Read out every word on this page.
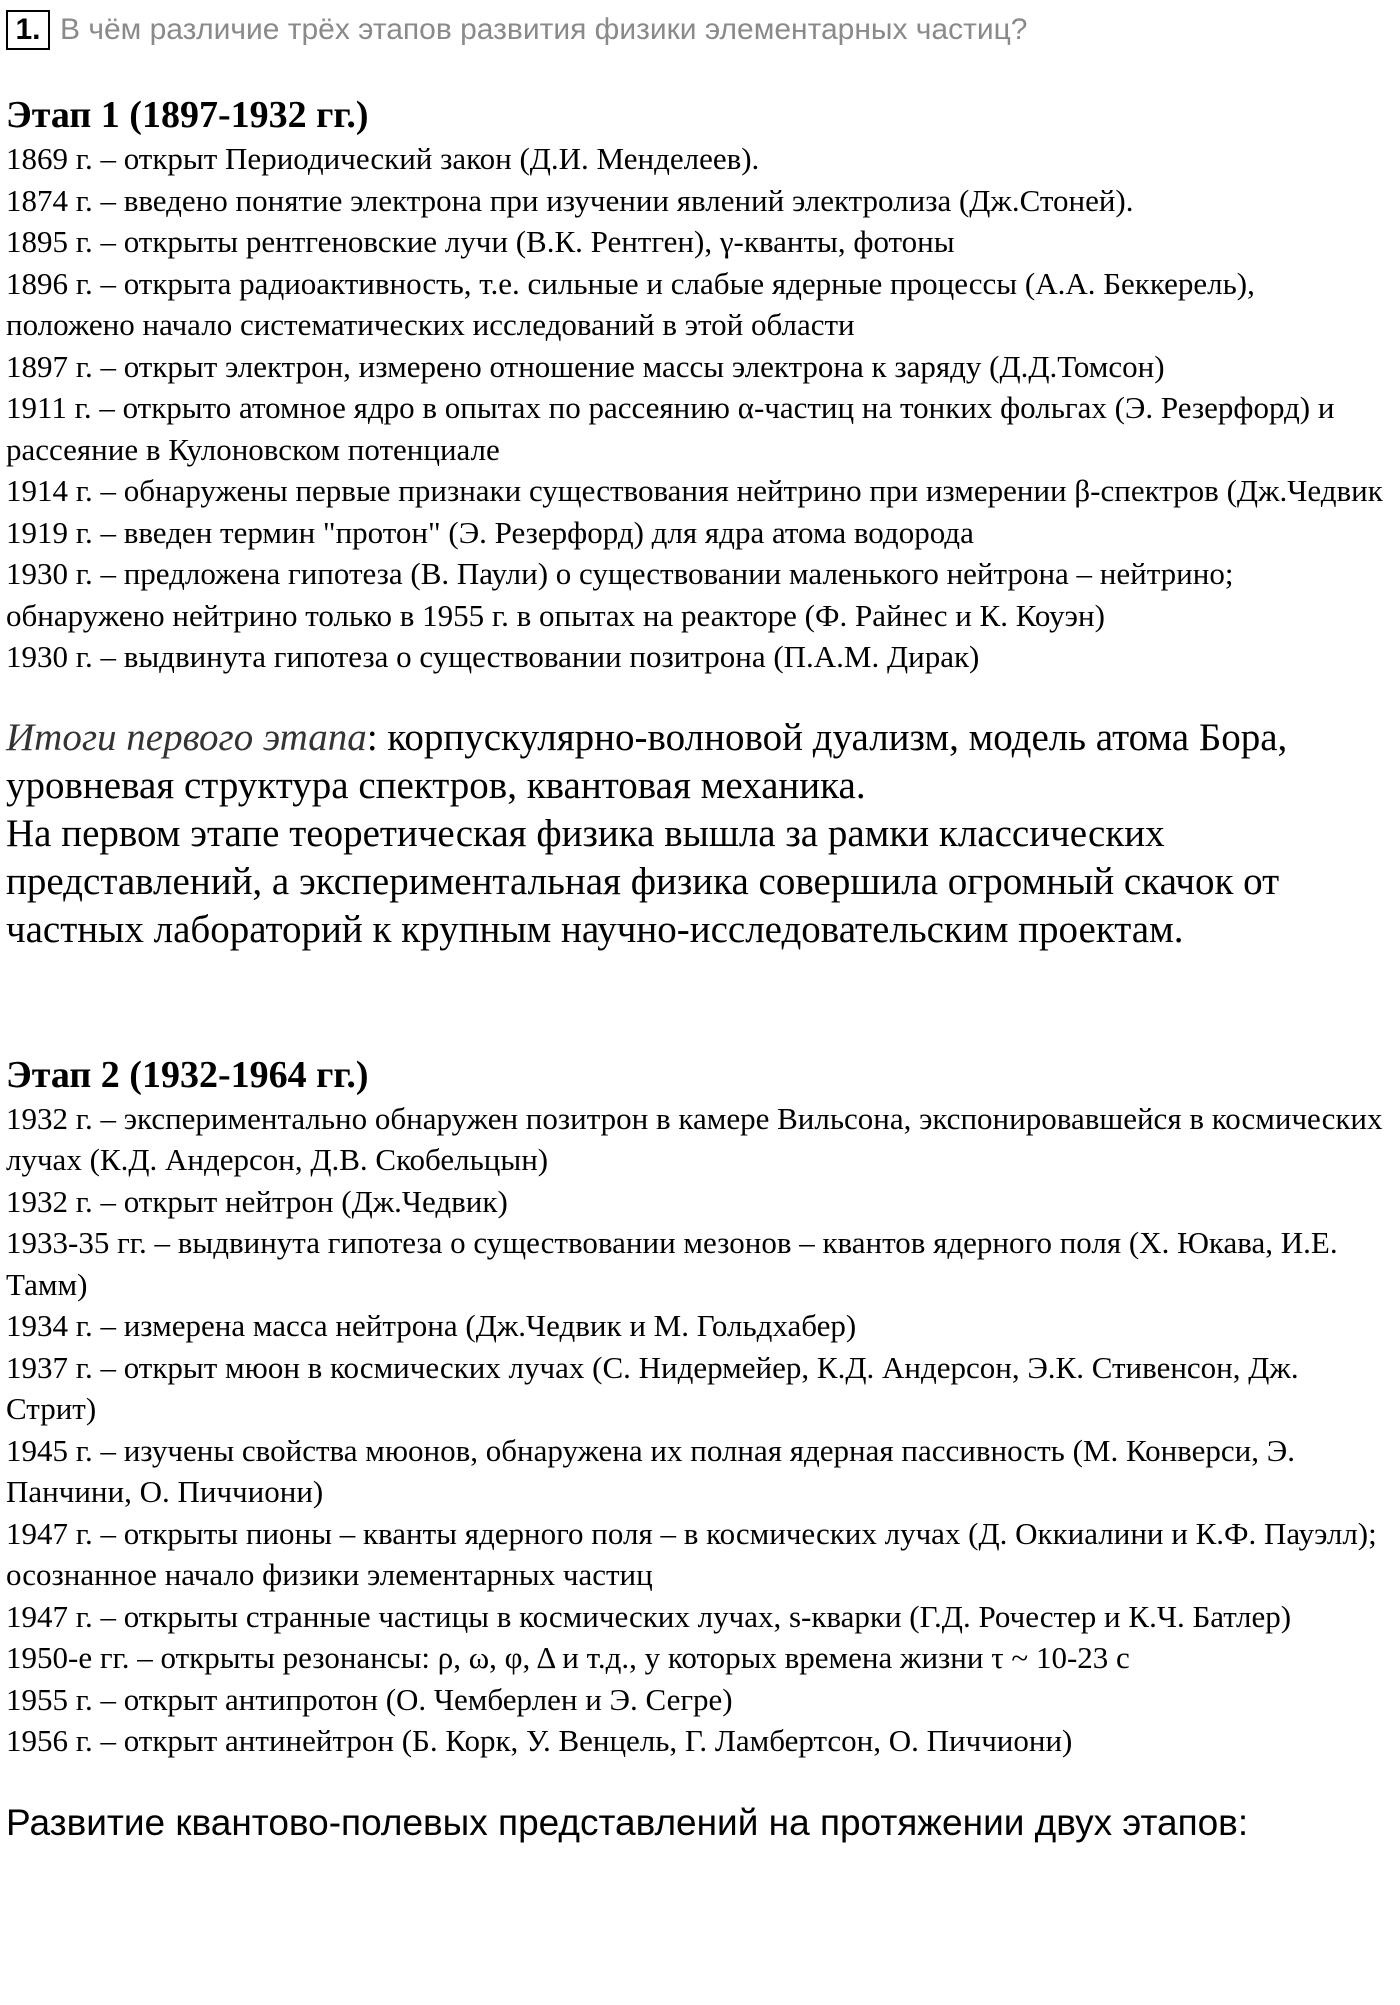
1. В чём различие трёх этапов развития физики элементарных частиц?
Этап 1 (1897-1932 гг.)
1869 г. – открыт Периодический закон (Д.И. Менделеев).
1874 г. – введено понятие электрона при изучении явлений электролиза (Дж.Стоней).
1895 г. – открыты рентгеновские лучи (В.К. Рентген), γ-кванты, фотоны
1896 г. – открыта радиоактивность, т.е. сильные и слабые ядерные процессы (А.А. Беккерель), положено начало систематических исследований в этой области
1897 г. – открыт электрон, измерено отношение массы электрона к заряду (Д.Д.Томсон)
1911 г. – открыто атомное ядро в опытах по рассеянию α-частиц на тонких фольгах (Э. Резерфорд) и рассеяние в Кулоновском потенциале
1914 г. – обнаружены первые признаки существования нейтрино при измерении β-спектров (Дж.Чедвик
1919 г. – введен термин "протон" (Э. Резерфорд) для ядра атома водорода
1930 г. – предложена гипотеза (В. Паули) о существовании маленького нейтрона – нейтрино; обнаружено нейтрино только в 1955 г. в опытах на реакторе (Ф. Райнес и К. Коуэн)
1930 г. – выдвинута гипотеза о существовании позитрона (П.А.М. Дирак)

Итоги первого этапа: корпускулярно-волновой дуализм, модель атома Бора, уровневая структура спектров, квантовая механика.

На первом этапе теоретическая физика вышла за рамки классических представлений, а экспериментальная физика совершила огромный скачок от частных лабораторий к крупным научно-исследовательским проектам.

Этап 2 (1932-1964 гг.)
1932 г. – экспериментально обнаружен позитрон в камере Вильсона, экспонировавшейся в космических лучах (К.Д. Андерсон, Д.В. Скобельцын)
1932 г. – открыт нейтрон (Дж.Чедвик)
1933-35 гг. – выдвинута гипотеза о существовании мезонов – квантов ядерного поля (Х. Юкава, И.Е. Тамм)
1934 г. – измерена масса нейтрона (Дж.Чедвик и М. Гольдхабер)
1937 г. – открыт мюон в космических лучах (С. Нидермейер, К.Д. Андерсон, Э.К. Стивенсон, Дж. Стрит)
1945 г. – изучены свойства мюонов, обнаружена их полная ядерная пассивность (М. Конверси, Э. Панчини, О. Пиччиони)
1947 г. – открыты пионы – кванты ядерного поля – в космических лучах (Д. Оккиалини и К.Ф. Пауэлл); осознанное начало физики элементарных частиц
1947 г. – открыты странные частицы в космических лучах, s-кварки (Г.Д. Рочестер и К.Ч. Батлер)
1950-е гг. – открыты резонансы: ρ, ω, φ, Δ и т.д., у которых времена жизни τ ~ 10-23 с
1955 г. – открыт антипротон (О. Чемберлен и Э. Сегре)
1956 г. – открыт антинейтрон (Б. Корк, У. Венцель, Г. Ламбертсон, О. Пиччиони)

Развитие квантово-полевых представлений на протяжении двух этапов:
